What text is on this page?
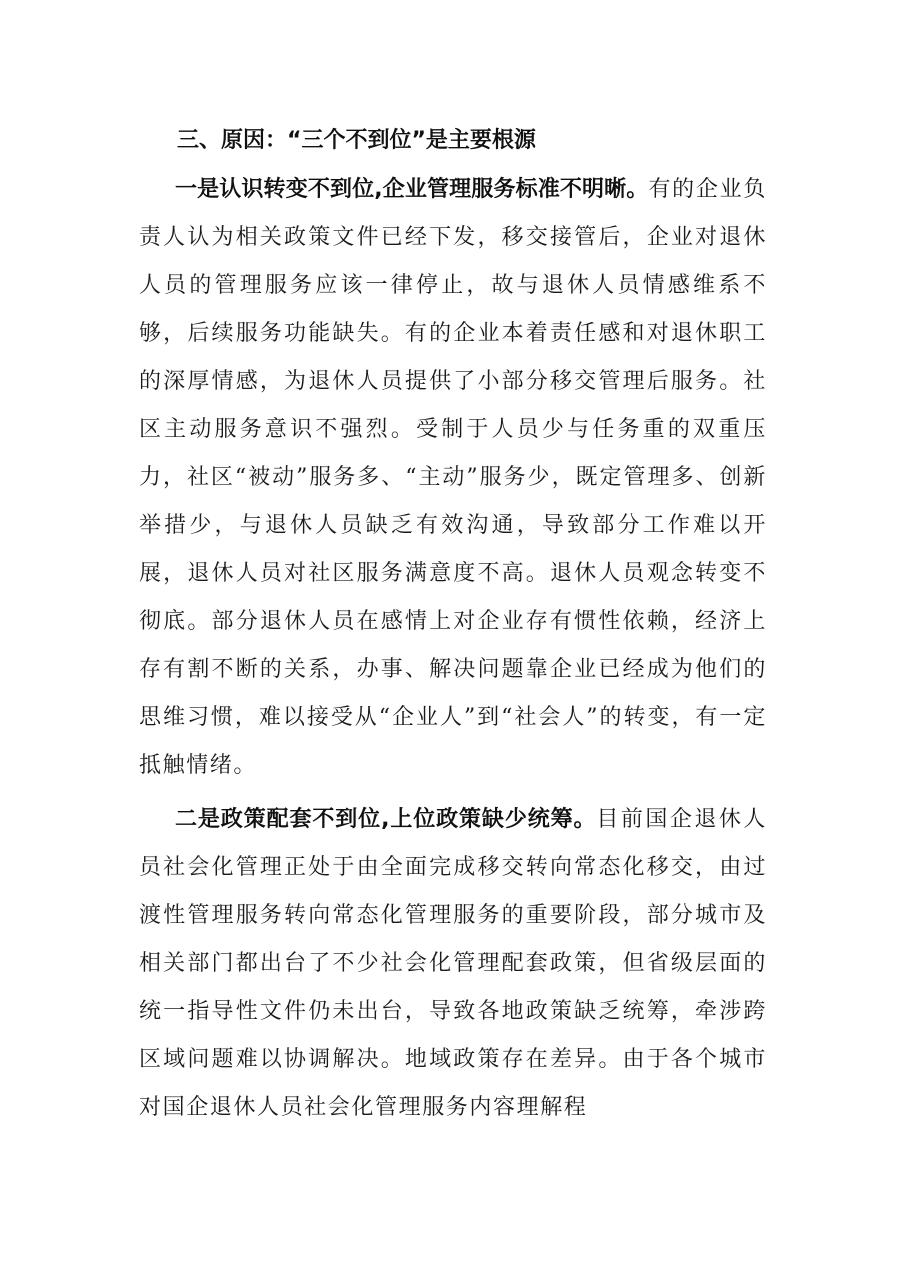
三、原因：“三个不到位”是主要根源

一是认识转变不到位,企业管理服务标准不明晰。有的企业负责人认为相关政策文件已经下发，移交接管后，企业对退休人员的管理服务应该一律停止，故与退休人员情感维系不够，后续服务功能缺失。有的企业本着责任感和对退休职工的深厚情感，为退休人员提供了小部分移交管理后服务。社区主动服务意识不强烈。受制于人员少与任务重的双重压力，社区“被动”服务多、“主动”服务少，既定管理多、创新举措少，与退休人员缺乏有效沟通，导致部分工作难以开展，退休人员对社区服务满意度不高。退休人员观念转变不彻底。部分退休人员在感情上对企业存有惯性依赖，经济上存有割不断的关系，办事、解决问题靠企业已经成为他们的思维习惯，难以接受从“企业人”到“社会人”的转变，有一定抵触情绪。

二是政策配套不到位,上位政策缺少统筹。目前国企退休人员社会化管理正处于由全面完成移交转向常态化移交，由过渡性管理服务转向常态化管理服务的重要阶段，部分城市及相关部门都出台了不少社会化管理配套政策，但省级层面的统一指导性文件仍未出台，导致各地政策缺乏统筹，牵涉跨区域问题难以协调解决。地域政策存在差异。由于各个城市对国企退休人员社会化管理服务内容理解程
